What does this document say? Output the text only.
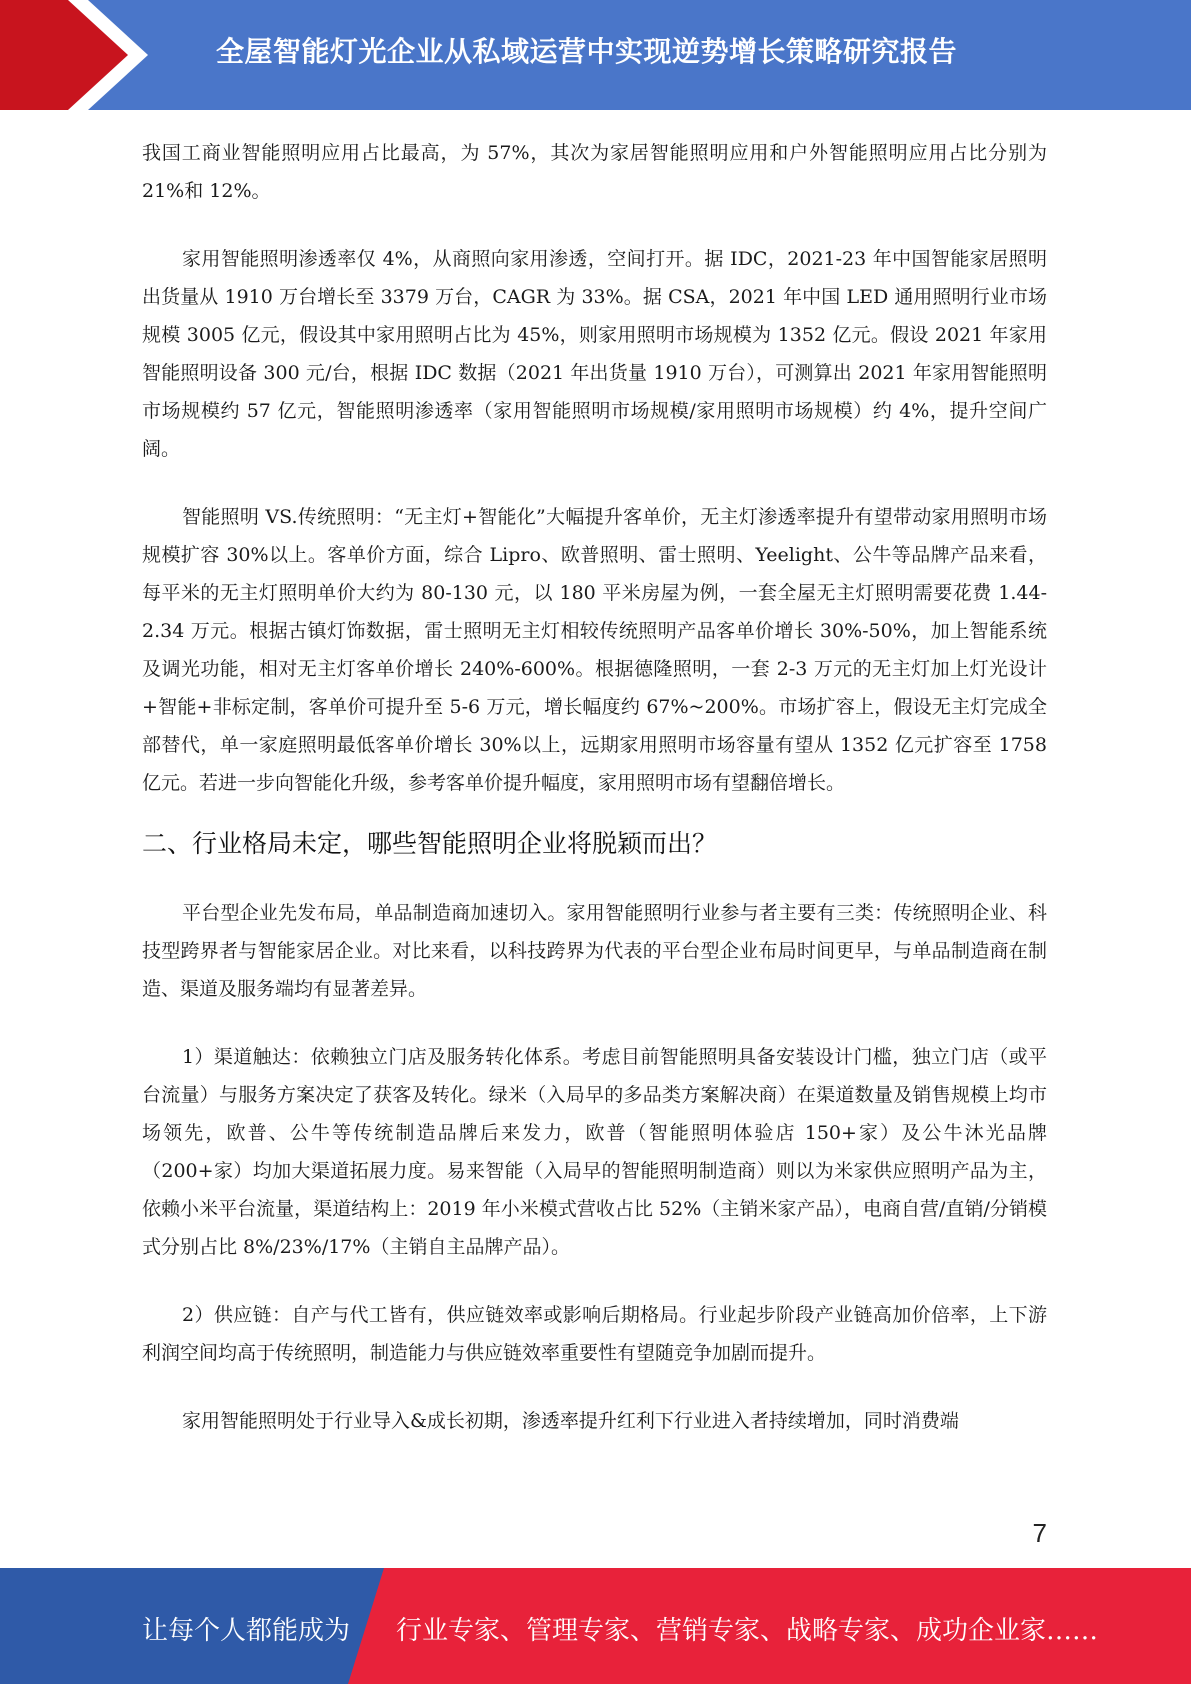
全屋智能灯光企业从私域运营中实现逆势增长策略研究报告

我国工商业智能照明应用占比最高，为 57%，其次为家居智能照明应用和户外智能照明应用占比分别为 21%和 12%。

家用智能照明渗透率仅 4%，从商照向家用渗透，空间打开。据 IDC，2021-23 年中国智能家居照明出货量从 1910 万台增长至 3379 万台，CAGR 为 33%。据 CSA，2021 年中国 LED 通用照明行业市场规模 3005 亿元，假设其中家用照明占比为 45%，则家用照明市场规模为 1352 亿元。假设 2021 年家用智能照明设备 300 元/台，根据 IDC 数据（2021 年出货量 1910 万台），可测算出 2021 年家用智能照明市场规模约 57 亿元，智能照明渗透率（家用智能照明市场规模/家用照明市场规模）约 4%，提升空间广阔。

智能照明 VS.传统照明：“无主灯+智能化”大幅提升客单价，无主灯渗透率提升有望带动家用照明市场规模扩容 30%以上。客单价方面，综合 Lipro、欧普照明、雷士照明、Yeelight、公牛等品牌产品来看，每平米的无主灯照明单价大约为 80-130 元，以 180 平米房屋为例，一套全屋无主灯照明需要花费 1.44-2.34 万元。根据古镇灯饰数据，雷士照明无主灯相较传统照明产品客单价增长 30%-50%，加上智能系统及调光功能，相对无主灯客单价增长 240%-600%。根据德隆照明，一套 2-3 万元的无主灯加上灯光设计+智能+非标定制，客单价可提升至 5-6 万元，增长幅度约 67%~200%。市场扩容上，假设无主灯完成全部替代，单一家庭照明最低客单价增长 30%以上，远期家用照明市场容量有望从 1352 亿元扩容至 1758 亿元。若进一步向智能化升级，参考客单价提升幅度，家用照明市场有望翻倍增长。

二、行业格局未定，哪些智能照明企业将脱颖而出？

平台型企业先发布局，单品制造商加速切入。家用智能照明行业参与者主要有三类：传统照明企业、科技型跨界者与智能家居企业。对比来看，以科技跨界为代表的平台型企业布局时间更早，与单品制造商在制造、渠道及服务端均有显著差异。

1）渠道触达：依赖独立门店及服务转化体系。考虑目前智能照明具备安装设计门槛，独立门店（或平台流量）与服务方案决定了获客及转化。绿米（入局早的多品类方案解决商）在渠道数量及销售规模上均市场领先，欧普、公牛等传统制造品牌后来发力，欧普（智能照明体验店 150+家）及公牛沐光品牌（200+家）均加大渠道拓展力度。易来智能（入局早的智能照明制造商）则以为米家供应照明产品为主，依赖小米平台流量，渠道结构上：2019 年小米模式营收占比 52%（主销米家产品），电商自营/直销/分销模式分别占比 8%/23%/17%（主销自主品牌产品）。

2）供应链：自产与代工皆有，供应链效率或影响后期格局。行业起步阶段产业链高加价倍率，上下游利润空间均高于传统照明，制造能力与供应链效率重要性有望随竞争加剧而提升。

家用智能照明处于行业导入&成长初期，渗透率提升红利下行业进入者持续增加，同时消费端

7
让每个人都能成为 行业专家、管理专家、营销专家、战略专家、成功企业家……
